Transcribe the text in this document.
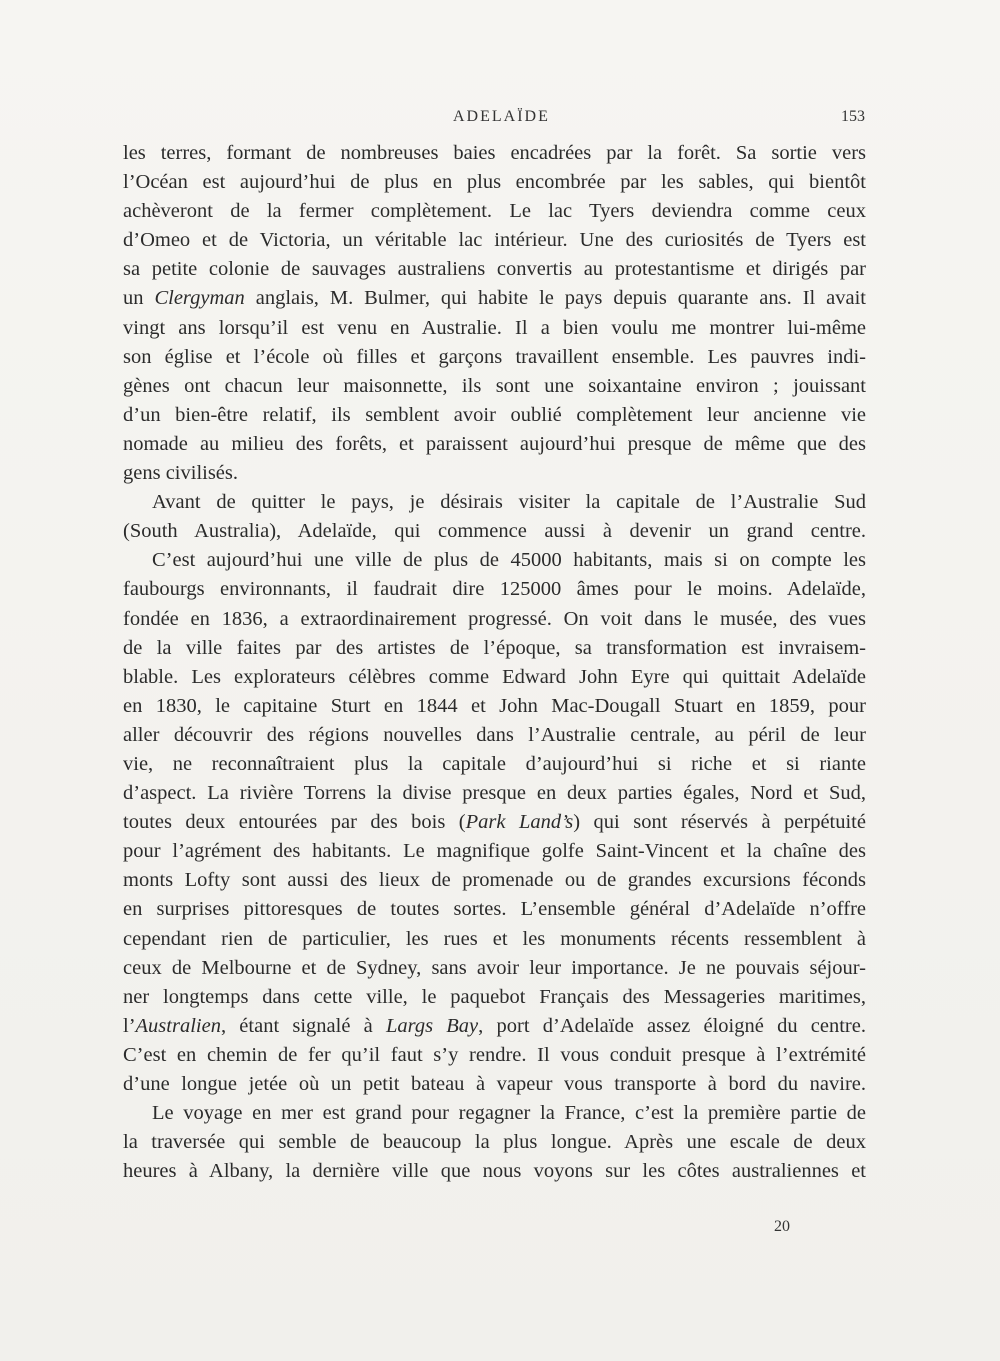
ADELAÏDE	153
les terres, formant de nombreuses baies encadrées par la forêt. Sa sortie vers
l’Océan est aujourd’hui de plus en plus encombrée par les sables, qui bientôt
achèveront de la fermer complètement. Le lac Tyers deviendra comme ceux
d’Omeo et de Victoria, un véritable lac intérieur. Une des curiosités de Tyers est
sa petite colonie de sauvages australiens convertis au protestantisme et dirigés par
un Clergyman anglais, M. Bulmer, qui habite le pays depuis quarante ans. Il avait
vingt ans lorsqu’il est venu en Australie. Il a bien voulu me montrer lui-même
son église et l’école où filles et garçons travaillent ensemble. Les pauvres indi-
gènes ont chacun leur maisonnette, ils sont une soixantaine environ ; jouissant
d’un bien-être relatif, ils semblent avoir oublié complètement leur ancienne vie
nomade au milieu des forêts, et paraissent aujourd’hui presque de même que des
gens civilisés.
Avant de quitter le pays, je désirais visiter la capitale de l’Australie Sud
(South Australia), Adelaïde, qui commence aussi à devenir un grand centre.
C’est aujourd’hui une ville de plus de 45000 habitants, mais si on compte les
faubourgs environnants, il faudrait dire 125000 âmes pour le moins. Adelaïde,
fondée en 1836, a extraordinairement progressé. On voit dans le musée, des vues
de la ville faites par des artistes de l’époque, sa transformation est invraisem-
blable. Les explorateurs célèbres comme Edward John Eyre qui quittait Adelaïde
en 1830, le capitaine Sturt en 1844 et John Mac-Dougall Stuart en 1859, pour
aller découvrir des régions nouvelles dans l’Australie centrale, au péril de leur
vie, ne reconnaîtraient plus la capitale d’aujourd’hui si riche et si riante
d’aspect. La rivière Torrens la divise presque en deux parties égales, Nord et Sud,
toutes deux entourées par des bois (Park Land’s) qui sont réservés à perpétuité
pour l’agrément des habitants. Le magnifique golfe Saint-Vincent et la chaîne des
monts Lofty sont aussi des lieux de promenade ou de grandes excursions féconds
en surprises pittoresques de toutes sortes. L’ensemble général d’Adelaïde n’offre
cependant rien de particulier, les rues et les monuments récents ressemblent à
ceux de Melbourne et de Sydney, sans avoir leur importance. Je ne pouvais séjour-
ner longtemps dans cette ville, le paquebot Français des Messageries maritimes,
l’Australien, étant signalé à Largs Bay, port d’Adelaïde assez éloigné du centre.
C’est en chemin de fer qu’il faut s’y rendre. Il vous conduit presque à l’extrémité
d’une longue jetée où un petit bateau à vapeur vous transporte à bord du navire.
Le voyage en mer est grand pour regagner la France, c’est la première partie de
la traversée qui semble de beaucoup la plus longue. Après une escale de deux
heures à Albany, la dernière ville que nous voyons sur les côtes australiennes et
20
